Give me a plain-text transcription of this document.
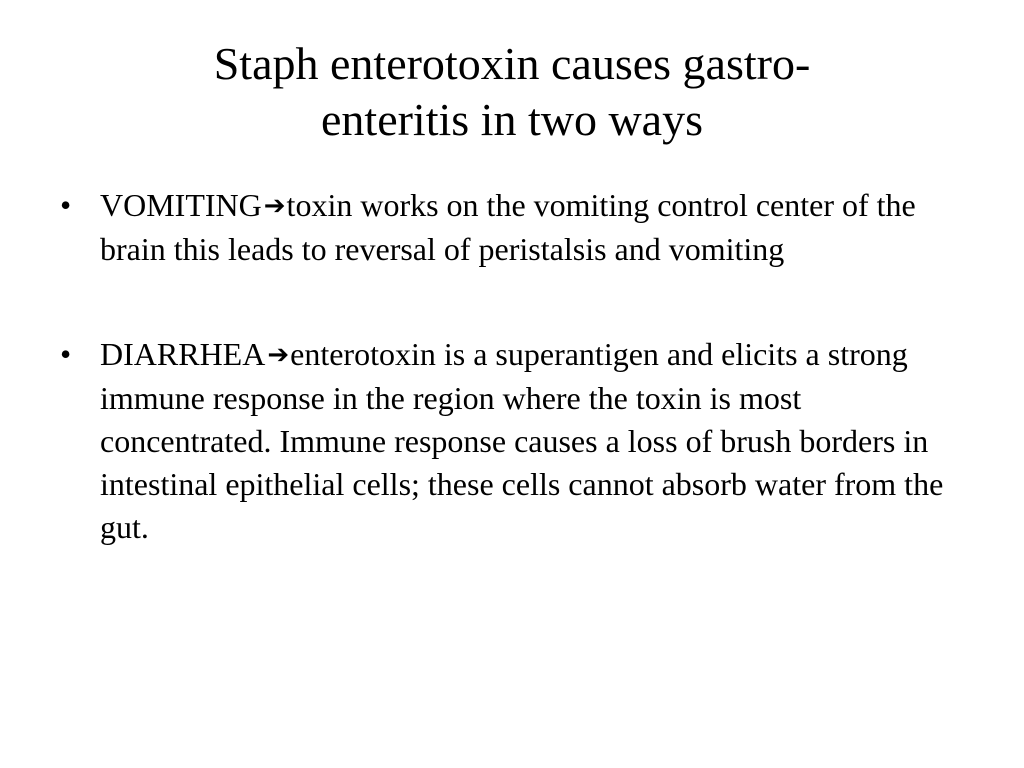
Staph enterotoxin causes gastro-
enteritis in two ways
• VOMITING➔toxin works on the vomiting control center of the brain this leads to reversal of peristalsis and vomiting
• DIARRHEA➔enterotoxin is a superantigen and elicits a strong immune response in the region where the toxin is most concentrated. Immune response causes a loss of brush borders in intestinal epithelial cells; these cells cannot absorb water from the gut.
